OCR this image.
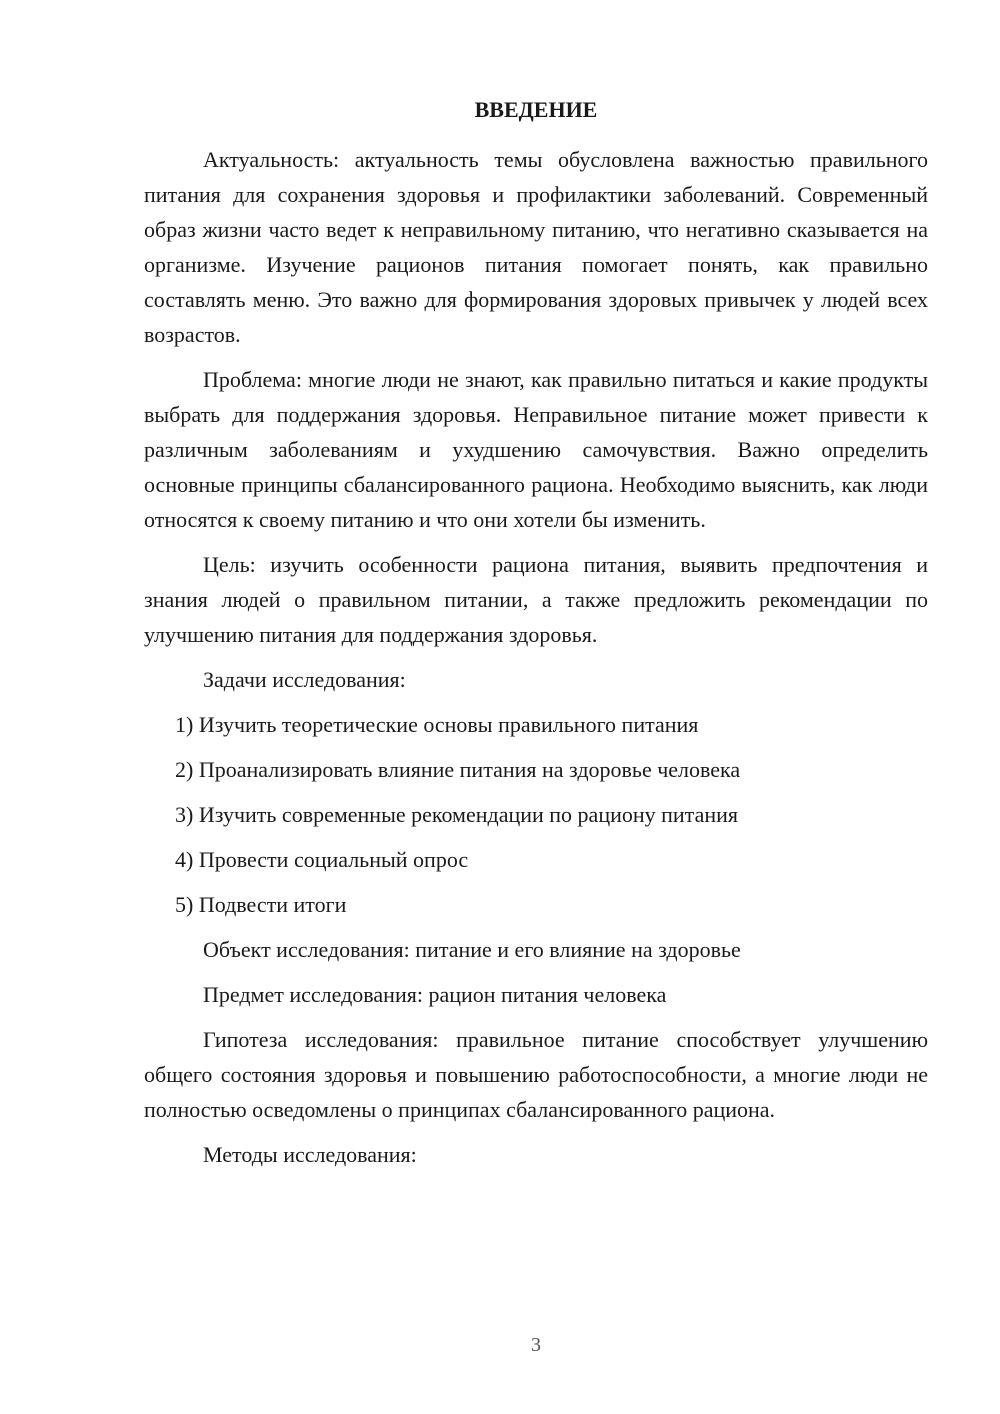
ВВЕДЕНИЕ

Актуальность: актуальность темы обусловлена важностью правильного питания для сохранения здоровья и профилактики заболеваний. Современный образ жизни часто ведет к неправильному питанию, что негативно сказывается на организме. Изучение рационов питания помогает понять, как правильно составлять меню. Это важно для формирования здоровых привычек у людей всех возрастов.

Проблема: многие люди не знают, как правильно питаться и какие продукты выбрать для поддержания здоровья. Неправильное питание может привести к различным заболеваниям и ухудшению самочувствия. Важно определить основные принципы сбалансированного рациона. Необходимо выяснить, как люди относятся к своему питанию и что они хотели бы изменить.

Цель: изучить особенности рациона питания, выявить предпочтения и знания людей о правильном питании, а также предложить рекомендации по улучшению питания для поддержания здоровья.

Задачи исследования:

1) Изучить теоретические основы правильного питания
2) Проанализировать влияние питания на здоровье человека
3) Изучить современные рекомендации по рациону питания
4) Провести социальный опрос
5) Подвести итоги

Объект исследования: питание и его влияние на здоровье

Предмет исследования: рацион питания человека

Гипотеза исследования: правильное питание способствует улучшению общего состояния здоровья и повышению работоспособности, а многие люди не полностью осведомлены о принципах сбалансированного рациона.

Методы исследования:

3
